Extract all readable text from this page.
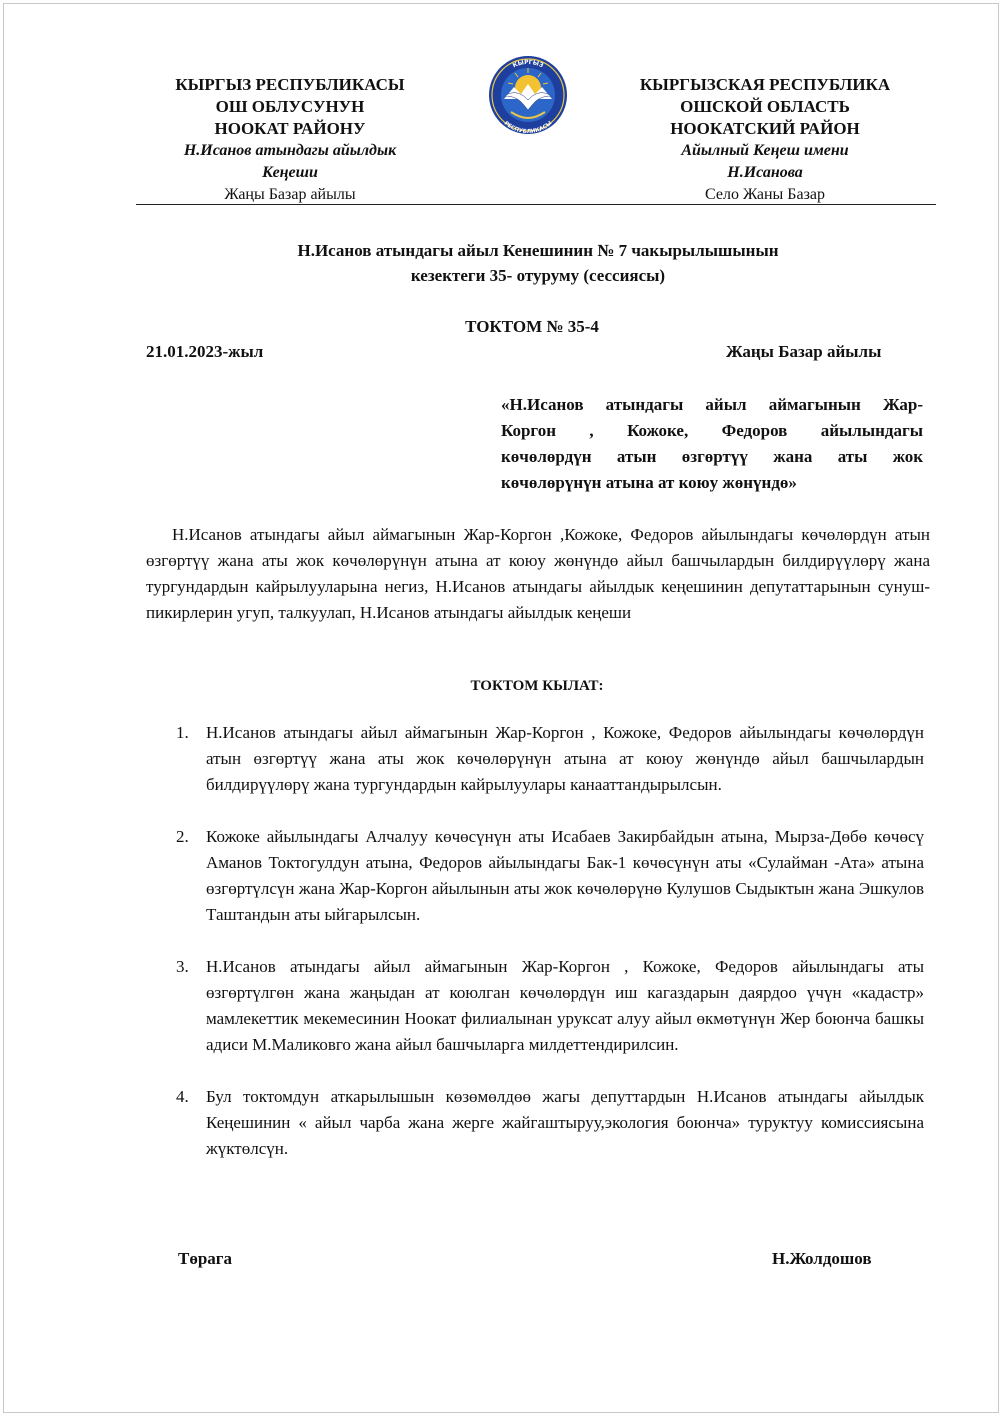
КЫРГЫЗ РЕСПУБЛИКАСЫ
ОШ ОБЛУСУНУН
НООКАТ РАЙОНУ
Н.Исанов атындагы айылдык
Кеңеши
Жаңы Базар айылы
КЫРГЫЗ
РЕСПУБЛИКАСЫ
КЫРГЫЗСКАЯ РЕСПУБЛИКА
ОШСКОЙ ОБЛАСТЬ
НООКАТСКИЙ РАЙОН
Айылный Кеңеш имени
Н.Исанова
Село Жаны Базар
Н.Исанов атындагы айыл Кенешинин № 7 чакырылышынын
кезектеги 35- отуруму (сессиясы)
ТОКТОМ № 35-4
21.01.2023-жыл	Жаңы Базар айылы
«Н.Исанов атындагы айыл аймагынын Жар-
Коргон , Кожоке, Федоров айылындагы
көчөлөрдүн атын өзгөртүү жана аты жок
көчөлөрүнүн атына ат коюу жөнүндө»
Н.Исанов атындагы айыл аймагынын Жар-Коргон ,Кожоке, Федоров айылындагы көчөлөрдүн атын өзгөртүү жана аты жок көчөлөрүнүн атына ат коюу жөнүндө айыл башчылардын билдирүүлөрү жана тургундардын кайрылууларына негиз, Н.Исанов атындагы айылдык кеңешинин депутаттарынын сунуш-пикирлерин угуп, талкуулап, Н.Исанов атындагы айылдык кеңеши
ТОКТОМ КЫЛАТ:
1. Н.Исанов атындагы айыл аймагынын Жар-Коргон , Кожоке, Федоров айылындагы көчөлөрдүн атын өзгөртүү жана аты жок көчөлөрүнүн атына ат коюу жөнүндө айыл башчылардын билдирүүлөрү жана тургундардын кайрылуулары канааттандырылсын.
2. Кожоке айылындагы Алчалуу көчөсүнүн аты Исабаев Закирбайдын атына, Мырза-Дөбө көчөсү Аманов Токтогулдун атына, Федоров айылындагы Бак-1 көчөсүнүн аты «Сулайман -Ата» атына өзгөртүлсүн жана Жар-Коргон айылынын аты жок көчөлөрүнө Кулушов Сыдыктын жана Эшкулов Таштандын аты ыйгарылсын.
3. Н.Исанов атындагы айыл аймагынын Жар-Коргон , Кожоке, Федоров айылындагы аты өзгөртүлгөн жана жаңыдан ат коюлган көчөлөрдүн иш кагаздарын даярдоо үчүн «кадастр» мамлекеттик мекемесинин Ноокат филиалынан уруксат алуу айыл өкмөтүнүн Жер боюнча башкы адиси М.Маликовго жана айыл башчыларга милдеттендирилсин.
4. Бул токтомдун аткарылышын көзөмөлдөө жагы депуттардын Н.Исанов атындагы айылдык Кеңешинин « айыл чарба жана жерге жайгаштыруу,экология боюнча» туруктуу комиссиясына жүктөлсүн.
Төрага	Н.Жолдошов
